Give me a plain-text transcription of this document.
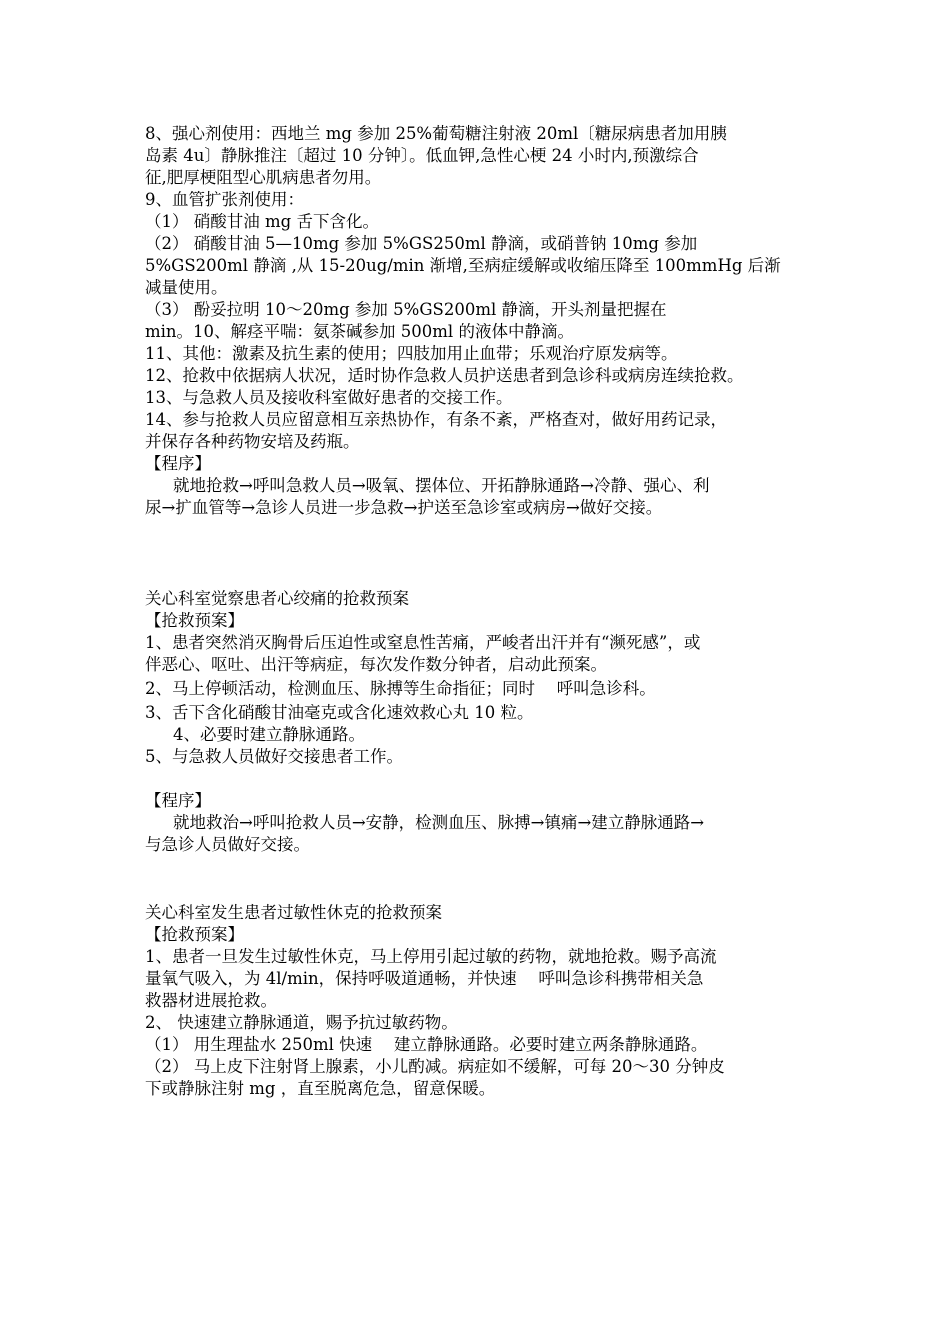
8、强心剂使用：西地兰 mg 参加 25%葡萄糖注射液 20ml〔糖尿病患者加用胰
岛素 4u〕静脉推注〔超过 10 分钟〕。低血钾,急性心梗 24 小时内,预激综合
征,肥厚梗阻型心肌病患者勿用。
9、血管扩张剂使用：
（1） 硝酸甘油 mg 舌下含化。
（2） 硝酸甘油 5—10mg 参加 5%GS250ml 静滴，或硝普钠 10mg 参加
5%GS200ml 静滴 ,从 15-20ug/min 渐增,至病症缓解或收缩压降至 100mmHg 后渐
减量使用。
（3） 酚妥拉明 10～20mg 参加 5%GS200ml 静滴，开头剂量把握在
min。10、解痉平喘：氨茶碱参加 500ml 的液体中静滴。
11、其他：激素及抗生素的使用；四肢加用止血带；乐观治疗原发病等。
12、抢救中依据病人状况，适时协作急救人员护送患者到急诊科或病房连续抢救。
13、与急救人员及接收科室做好患者的交接工作。
14、参与抢救人员应留意相互亲热协作，有条不紊，严格查对，做好用药记录，
并保存各种药物安培及药瓶。
【程序】
就地抢救→呼叫急救人员→吸氧、摆体位、开拓静脉通路→冷静、强心、利
尿→扩血管等→急诊人员进一步急救→护送至急诊室或病房→做好交接。
关心科室觉察患者心绞痛的抢救预案
【抢救预案】
1、患者突然消灭胸骨后压迫性或窒息性苦痛，严峻者出汗并有“濒死感”，或
伴恶心、呕吐、出汗等病症，每次发作数分钟者，启动此预案。
2、马上停顿活动，检测血压、脉搏等生命指征；同时　 呼叫急诊科。
3、舌下含化硝酸甘油毫克或含化速效救心丸 10 粒。
4、必要时建立静脉通路。
5、与急救人员做好交接患者工作。
【程序】
就地救治→呼叫抢救人员→安静，检测血压、脉搏→镇痛→建立静脉通路→
与急诊人员做好交接。
关心科室发生患者过敏性休克的抢救预案
【抢救预案】
1、患者一旦发生过敏性休克，马上停用引起过敏的药物，就地抢救。赐予高流
量氧气吸入，为 4l/min，保持呼吸道通畅，并快速　 呼叫急诊科携带相关急
救器材进展抢救。
2、 快速建立静脉通道，赐予抗过敏药物。
（1） 用生理盐水 250ml 快速　 建立静脉通路。必要时建立两条静脉通路。
（2） 马上皮下注射肾上腺素，小儿酌减。病症如不缓解，可每 20～30 分钟皮
下或静脉注射 mg ，直至脱离危急，留意保暖。
